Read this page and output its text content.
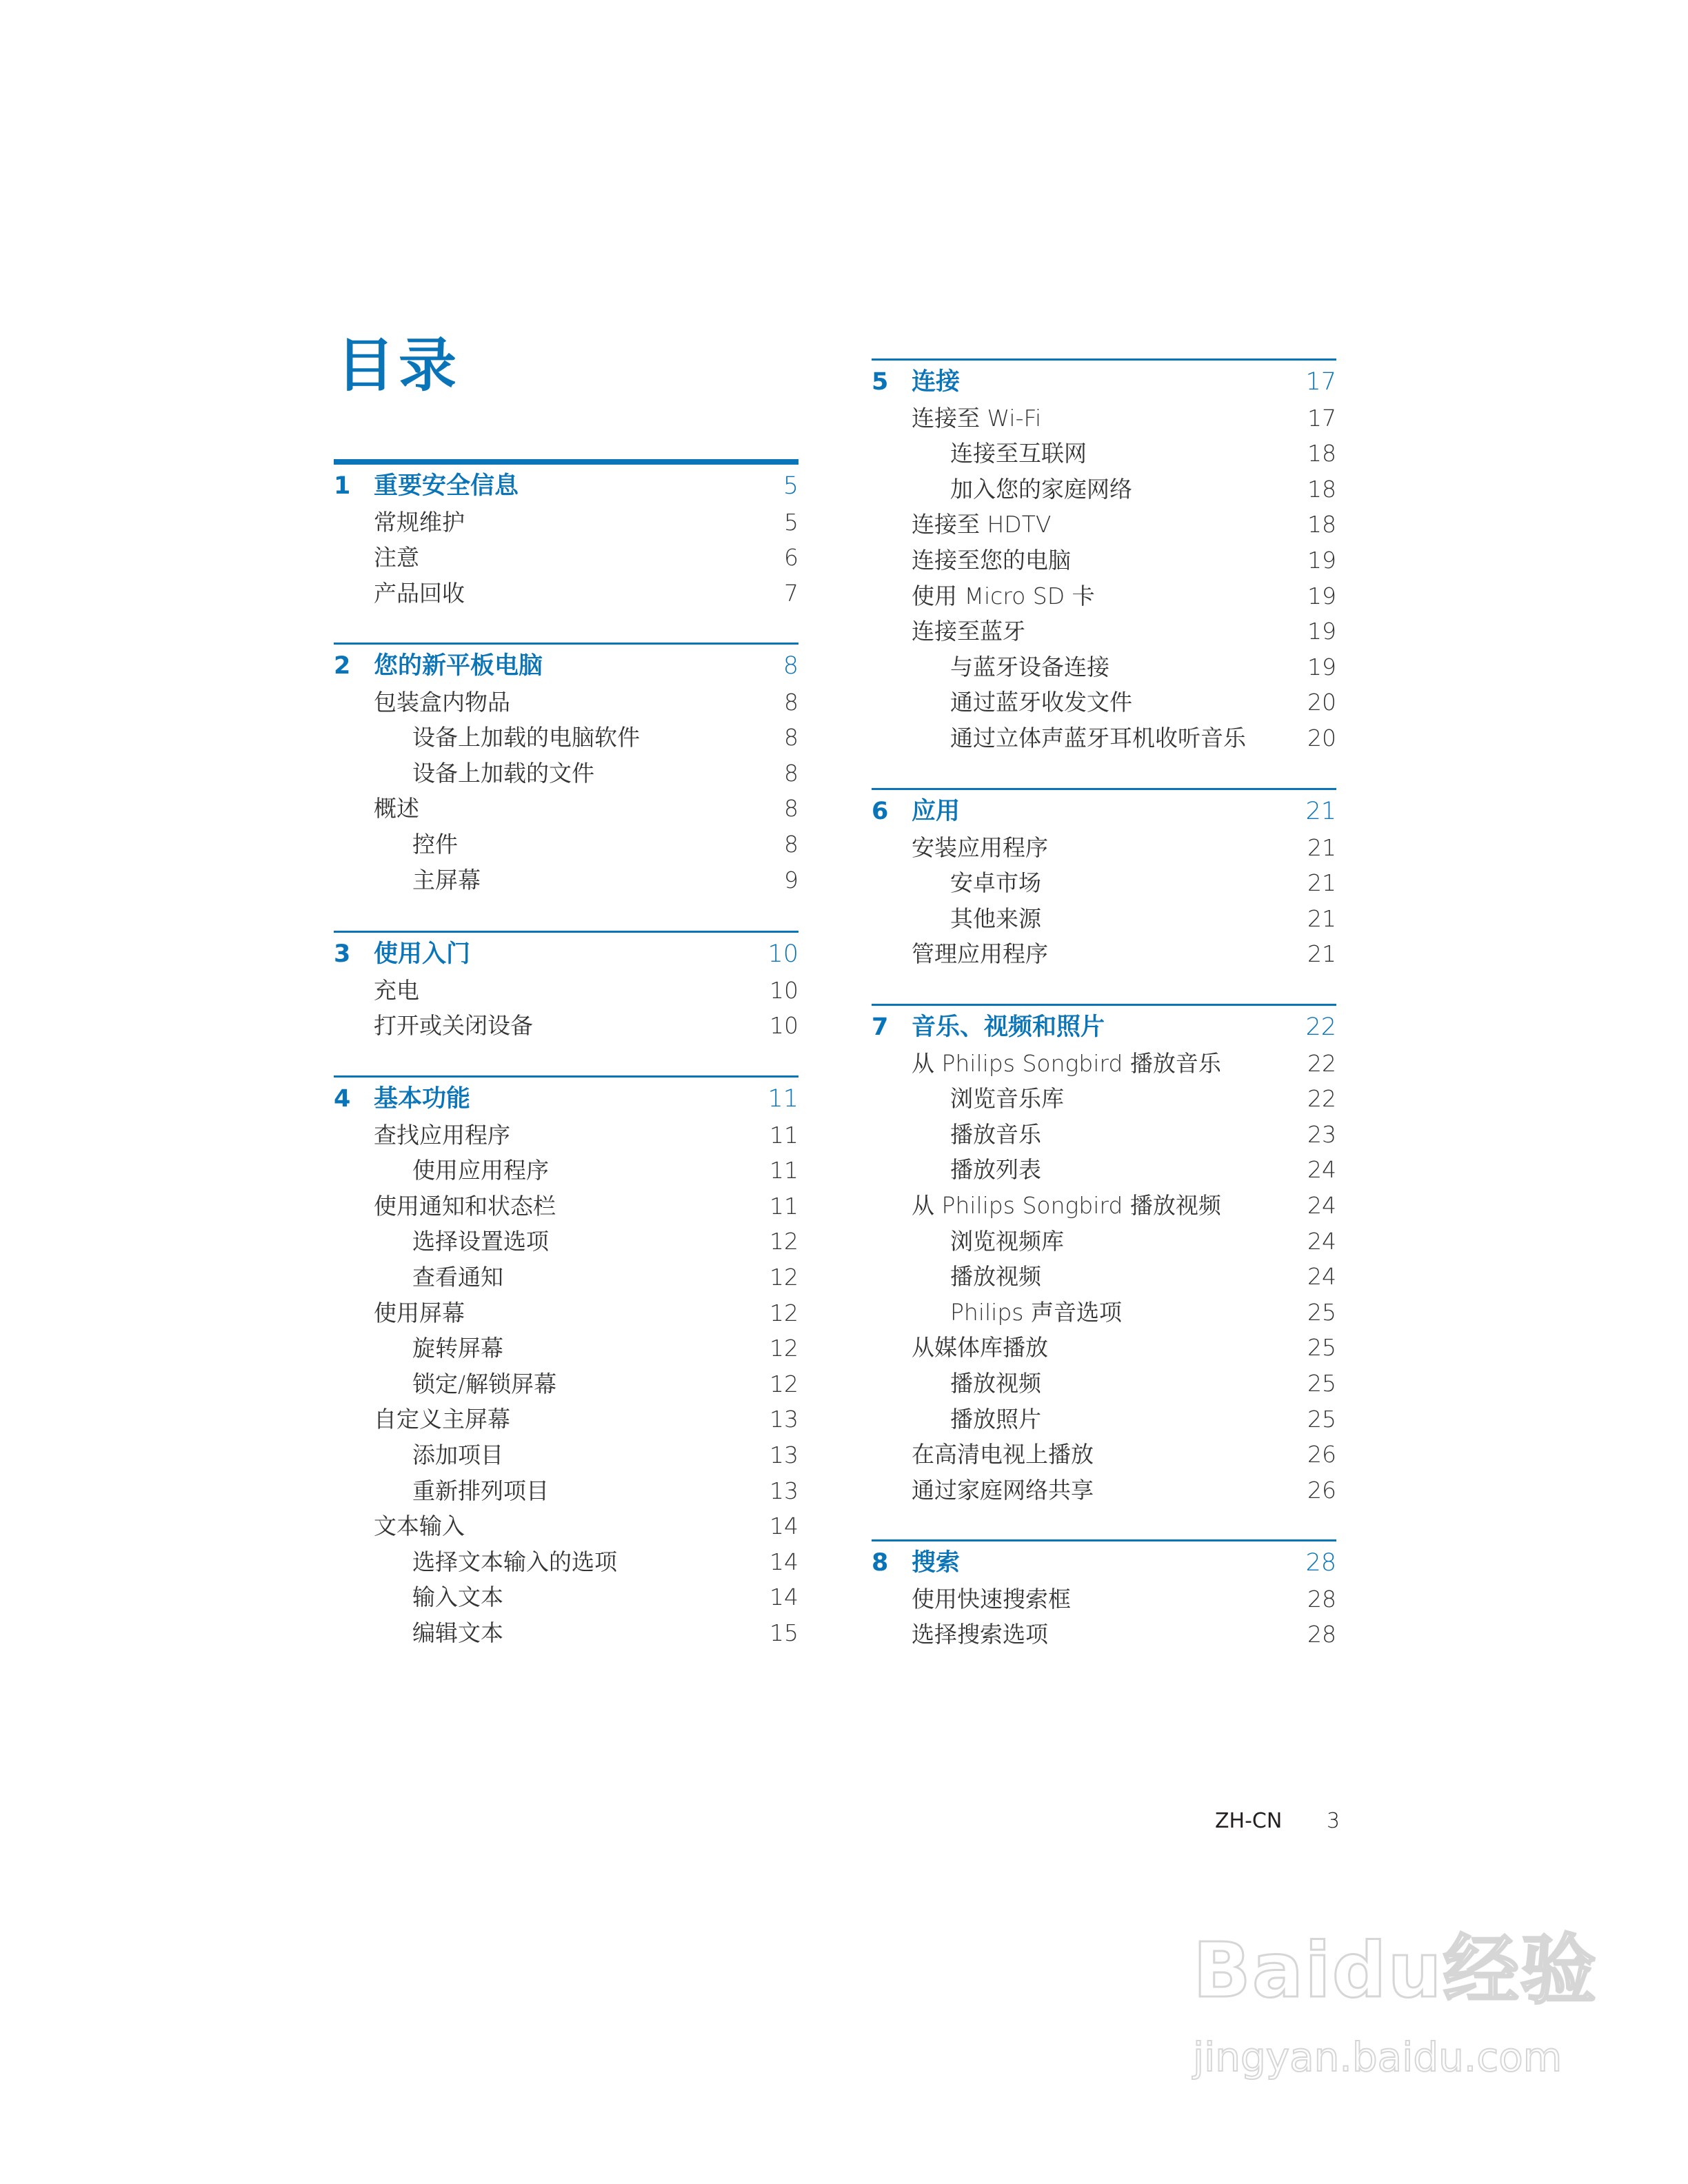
目录
1 重要安全信息	5
常规维护	5
注意	6
产品回收	7
2 您的新平板电脑	8
包装盒内物品	8
设备上加载的电脑软件	8
设备上加载的文件	8
概述	8
控件	8
主屏幕	9
3 使用入门	10
充电	10
打开或关闭设备	10
4 基本功能	11
查找应用程序	11
使用应用程序	11
使用通知和状态栏	11
选择设置选项	12
查看通知	12
使用屏幕	12
旋转屏幕	12
锁定/解锁屏幕	12
自定义主屏幕	13
添加项目	13
重新排列项目	13
文本输入	14
选择文本输入的选项	14
输入文本	14
编辑文本	15
5 连接	17
连接至 Wi-Fi	17
连接至互联网	18
加入您的家庭网络	18
连接至 HDTV	18
连接至您的电脑	19
使用 Micro SD 卡	19
连接至蓝牙	19
与蓝牙设备连接	19
通过蓝牙收发文件	20
通过立体声蓝牙耳机收听音乐	20
6 应用	21
安装应用程序	21
安卓市场	21
其他来源	21
管理应用程序	21
7 音乐、视频和照片	22
从 Philips Songbird 播放音乐	22
浏览音乐库	22
播放音乐	23
播放列表	24
从 Philips Songbird 播放视频	24
浏览视频库	24
播放视频	24
Philips 声音选项	25
从媒体库播放	25
播放视频	25
播放照片	25
在高清电视上播放	26
通过家庭网络共享	26
8 搜索	28
使用快速搜索框	28
选择搜索选项	28
ZH-CN 3
Baidu经验
jingyan.baidu.com
